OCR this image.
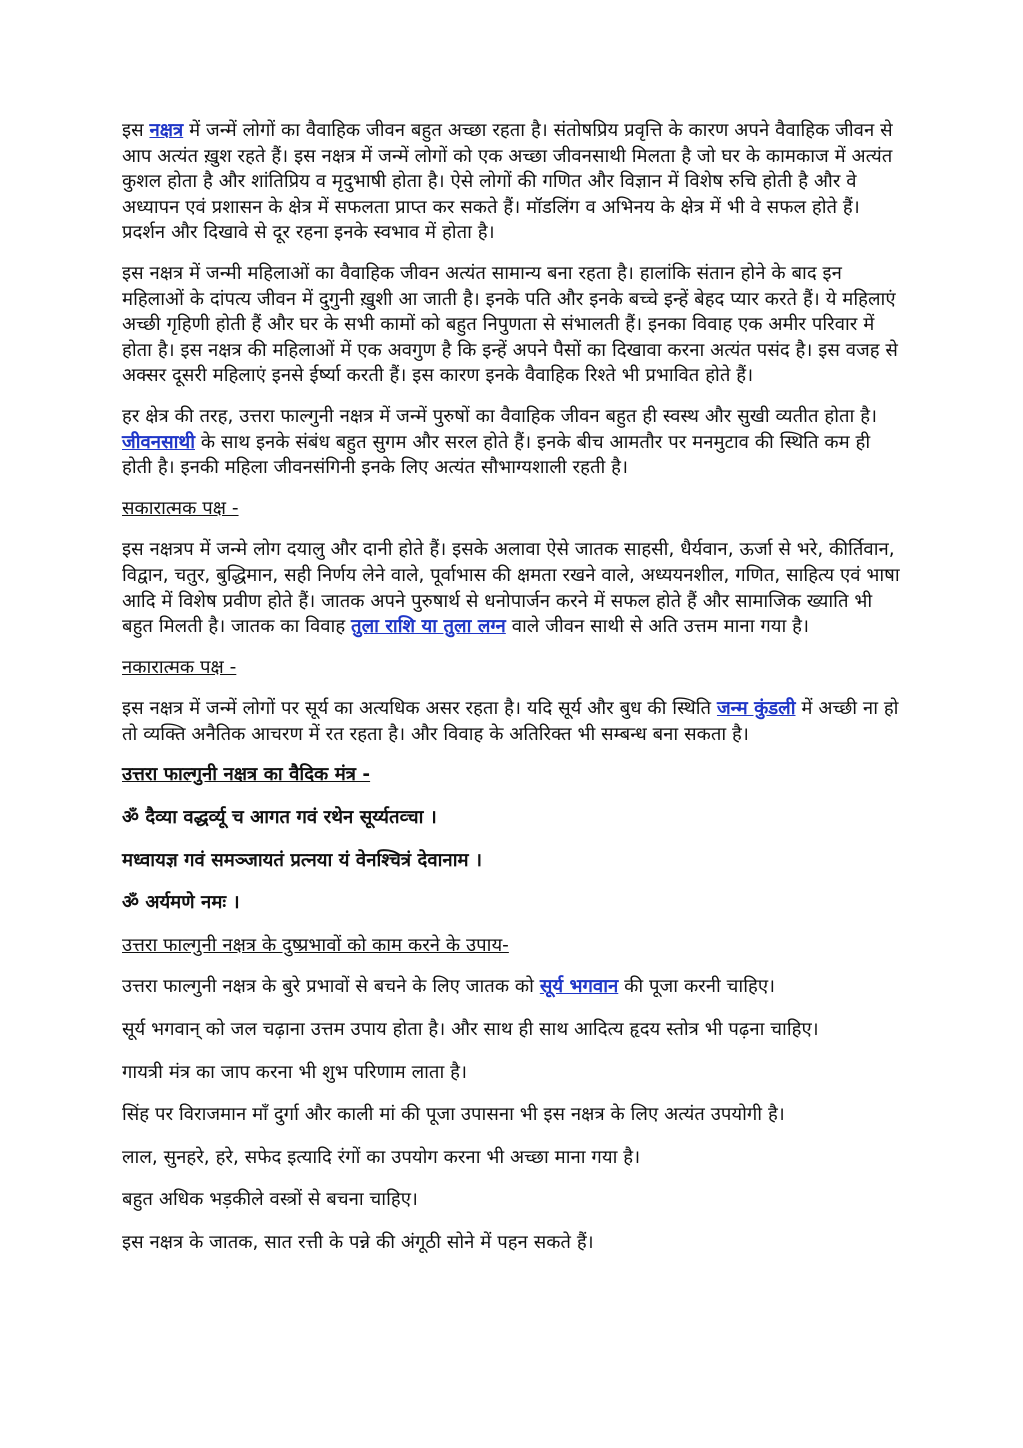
इस नक्षत्र में जन्में लोगों का वैवाहिक जीवन बहुत अच्छा रहता है। संतोषप्रिय प्रवृत्ति के कारण अपने वैवाहिक जीवन से आप अत्यंत ख़ुश रहते हैं। इस नक्षत्र में जन्में लोगों को एक अच्छा जीवनसाथी मिलता है जो घर के कामकाज में अत्यंत कुशल होता है और शांतिप्रिय व मृदुभाषी होता है। ऐसे लोगों की गणित और विज्ञान में विशेष रुचि होती है और वे अध्यापन एवं प्रशासन के क्षेत्र में सफलता प्राप्त कर सकते हैं। मॉडलिंग व अभिनय के क्षेत्र में भी वे सफल होते हैं। प्रदर्शन और दिखावे से दूर रहना इनके स्वभाव में होता है।

इस नक्षत्र में जन्मी महिलाओं का वैवाहिक जीवन अत्यंत सामान्य बना रहता है। हालांकि संतान होने के बाद इन महिलाओं के दांपत्य जीवन में दुगुनी ख़ुशी आ जाती है। इनके पति और इनके बच्चे इन्हें बेहद प्यार करते हैं। ये महिलाएं अच्छी गृहिणी होती हैं और घर के सभी कामों को बहुत निपुणता से संभालती हैं। इनका विवाह एक अमीर परिवार में होता है। इस नक्षत्र की महिलाओं में एक अवगुण है कि इन्हें अपने पैसों का दिखावा करना अत्यंत पसंद है। इस वजह से अक्सर दूसरी महिलाएं इनसे ईर्ष्या करती हैं। इस कारण इनके वैवाहिक रिश्ते भी प्रभावित होते हैं।

हर क्षेत्र की तरह, उत्तरा फाल्गुनी नक्षत्र में जन्में पुरुषों का वैवाहिक जीवन बहुत ही स्वस्थ और सुखी व्यतीत होता है। जीवनसाथी के साथ इनके संबंध बहुत सुगम और सरल होते हैं। इनके बीच आमतौर पर मनमुटाव की स्थिति कम ही होती है। इनकी महिला जीवनसंगिनी इनके लिए अत्यंत सौभाग्यशाली रहती है।

सकारात्मक पक्ष -

इस नक्षत्रप में जन्मे लोग दयालु और दानी होते हैं। इसके अलावा ऐसे जातक साहसी, धैर्यवान, ऊर्जा से भरे, कीर्तिवान, विद्वान, चतुर, बुद्धिमान, सही निर्णय लेने वाले, पूर्वाभास की क्षमता रखने वाले, अध्ययनशील, गणित, साहित्य एवं भाषा आदि में विशेष प्रवीण होते हैं। जातक अपने पुरुषार्थ से धनोपार्जन करने में सफल होते हैं और सामाजिक ख्याति भी बहुत मिलती है। जातक का विवाह तुला राशि या तुला लग्न वाले जीवन साथी से अति उत्तम माना गया है।

नकारात्मक पक्ष -

इस नक्षत्र में जन्में लोगों पर सूर्य का अत्यधिक असर रहता है। यदि सूर्य और बुध की स्थिति जन्म कुंडली में अच्छी ना हो तो व्यक्ति अनैतिक आचरण में रत रहता है। और विवाह के अतिरिक्त भी सम्बन्ध बना सकता है।

उत्तरा फाल्गुनी नक्षत्र का वैदिक मंत्र -

ॐ दैव्या वद्धर्व्यू च आगत गवं रथेन सूर्य्यतव्चा ।

मध्वायज्ञ गवं समञ्जायतं प्रत्नया यं वेनश्चित्रं देवानाम ।

ॐ अर्यमणे नमः ।

उत्तरा फाल्गुनी नक्षत्र के दुष्प्रभावों को काम करने के उपाय-

उत्तरा फाल्गुनी नक्षत्र के बुरे प्रभावों से बचने के लिए जातक को सूर्य भगवान की पूजा करनी चाहिए।

सूर्य भगवान् को जल चढ़ाना उत्तम उपाय होता है। और साथ ही साथ आदित्य हृदय स्तोत्र भी पढ़ना चाहिए।

गायत्री मंत्र का जाप करना भी शुभ परिणाम लाता है।

सिंह पर विराजमान माँ दुर्गा और काली मां की पूजा उपासना भी इस नक्षत्र के लिए अत्यंत उपयोगी है।

लाल, सुनहरे, हरे, सफेद इत्यादि रंगों का उपयोग करना भी अच्छा माना गया है।

बहुत अधिक भड़कीले वस्त्रों से बचना चाहिए।

इस नक्षत्र के जातक, सात रत्ती के पन्ने की अंगूठी सोने में पहन सकते हैं।
